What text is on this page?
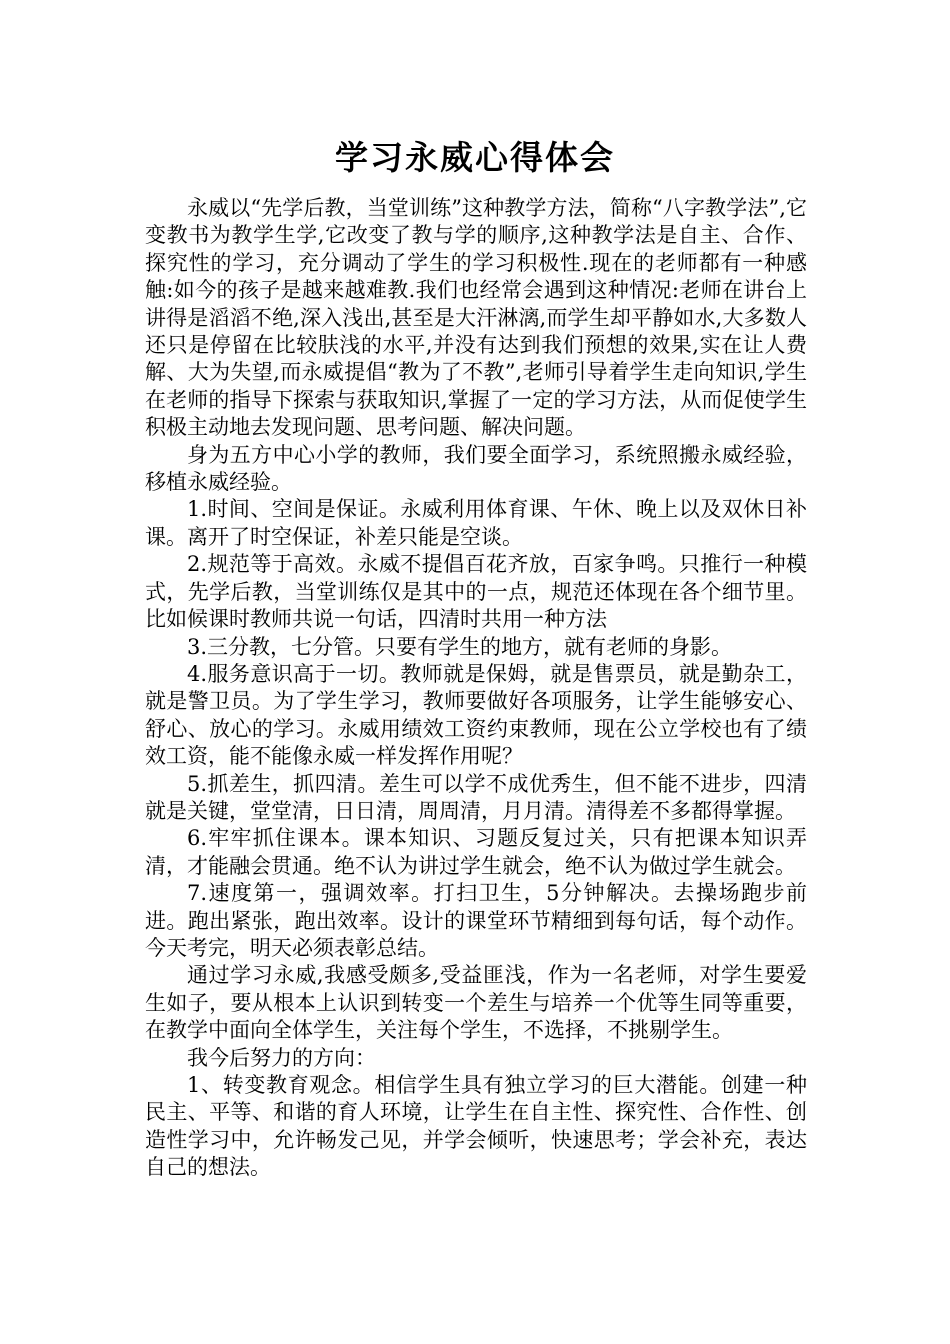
学习永威心得体会

永威以“先学后教，当堂训练”这种教学方法，简称“八字教学法”,它变教书为教学生学,它改变了教与学的顺序,这种教学法是自主、合作、探究性的学习，充分调动了学生的学习积极性.现在的老师都有一种感触:如今的孩子是越来越难教.我们也经常会遇到这种情况:老师在讲台上讲得是滔滔不绝,深入浅出,甚至是大汗淋漓,而学生却平静如水,大多数人还只是停留在比较肤浅的水平,并没有达到我们预想的效果,实在让人费解、大为失望,而永威提倡“教为了不教”,老师引导着学生走向知识,学生在老师的指导下探索与获取知识,掌握了一定的学习方法，从而促使学生积极主动地去发现问题、思考问题、解决问题。

身为五方中心小学的教师，我们要全面学习，系统照搬永威经验，移植永威经验。

1.时间、空间是保证。永威利用体育课、午休、晚上以及双休日补课。离开了时空保证，补差只能是空谈。

2.规范等于高效。永威不提倡百花齐放，百家争鸣。只推行一种模式，先学后教，当堂训练仅是其中的一点，规范还体现在各个细节里。比如候课时教师共说一句话，四清时共用一种方法

3.三分教，七分管。只要有学生的地方，就有老师的身影。

4.服务意识高于一切。教师就是保姆，就是售票员，就是勤杂工，就是警卫员。为了学生学习，教师要做好各项服务，让学生能够安心、舒心、放心的学习。永威用绩效工资约束教师，现在公立学校也有了绩效工资，能不能像永威一样发挥作用呢？

5.抓差生，抓四清。差生可以学不成优秀生，但不能不进步，四清就是关键，堂堂清，日日清，周周清，月月清。清得差不多都得掌握。

6.牢牢抓住课本。课本知识、习题反复过关，只有把课本知识弄清，才能融会贯通。绝不认为讲过学生就会，绝不认为做过学生就会。

7.速度第一，强调效率。打扫卫生，5分钟解决。去操场跑步前进。跑出紧张，跑出效率。设计的课堂环节精细到每句话，每个动作。今天考完，明天必须表彰总结。

通过学习永威,我感受颇多,受益匪浅，作为一名老师，对学生要爱生如子，要从根本上认识到转变一个差生与培养一个优等生同等重要，在教学中面向全体学生，关注每个学生，不选择，不挑剔学生。

我今后努力的方向：

1、转变教育观念。相信学生具有独立学习的巨大潜能。创建一种民主、平等、和谐的育人环境，让学生在自主性、探究性、合作性、创造性学习中，允许畅发己见，并学会倾听，快速思考；学会补充，表达自己的想法。
